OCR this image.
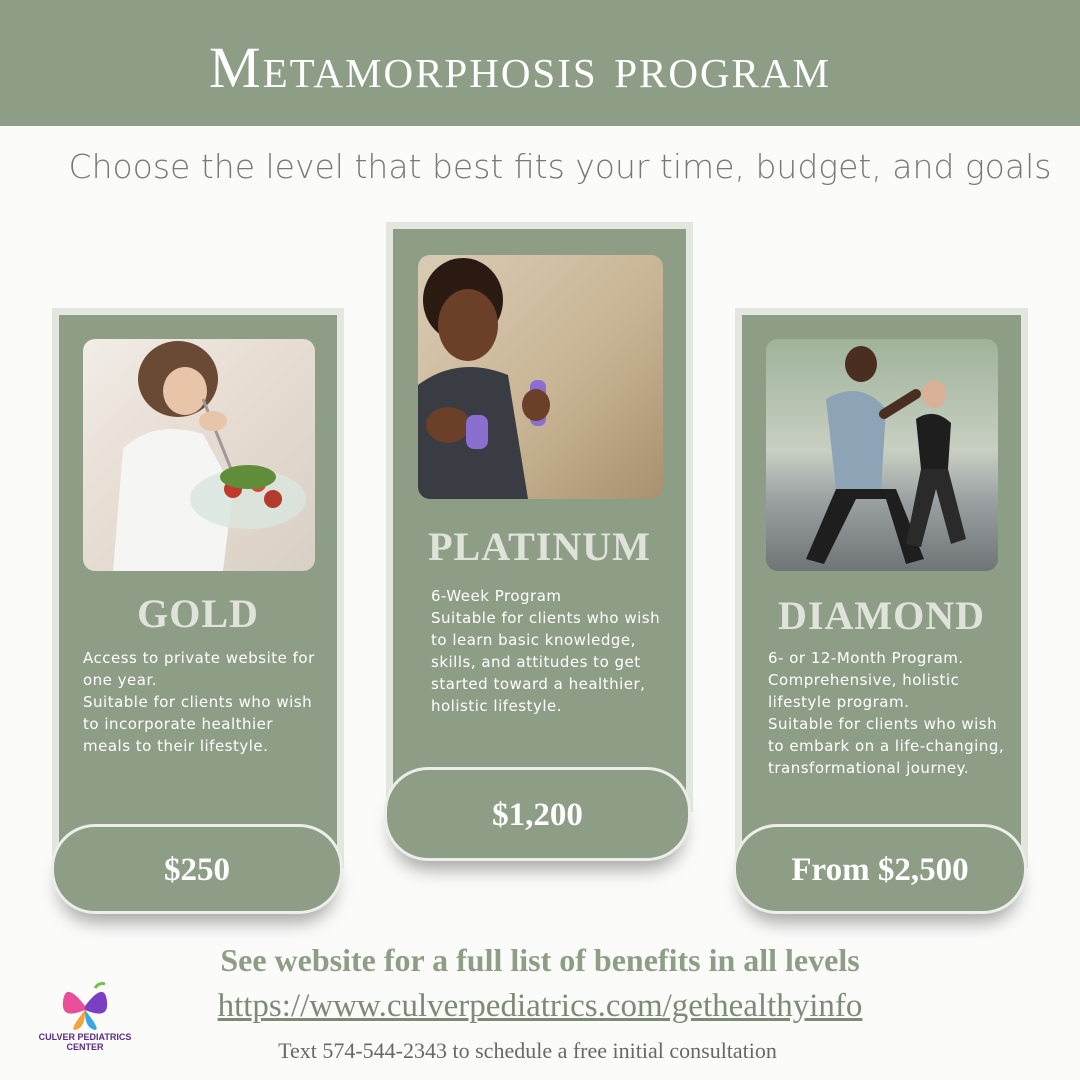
Metamorphosis program
Choose the level that best fits your time, budget, and goals
GOLD

Access to private website for one year.

Suitable for clients who wish to incorporate healthier meals to their lifestyle.

$250
PLATINUM

6-Week Program

Suitable for clients who wish to learn basic knowledge, skills, and attitudes to get started toward a healthier, holistic lifestyle.

$1,200
DIAMOND

6- or 12-Month Program.

Comprehensive, holistic lifestyle program.

Suitable for clients who wish to embark on a life-changing, transformational journey.

From $2,500
See website for a full list of benefits in all levels
https://www.culverpediatrics.com/gethealthyinfo
Text 574-544-2343 to schedule a free initial consultation
CULVER PEDIATRICS
CENTER
